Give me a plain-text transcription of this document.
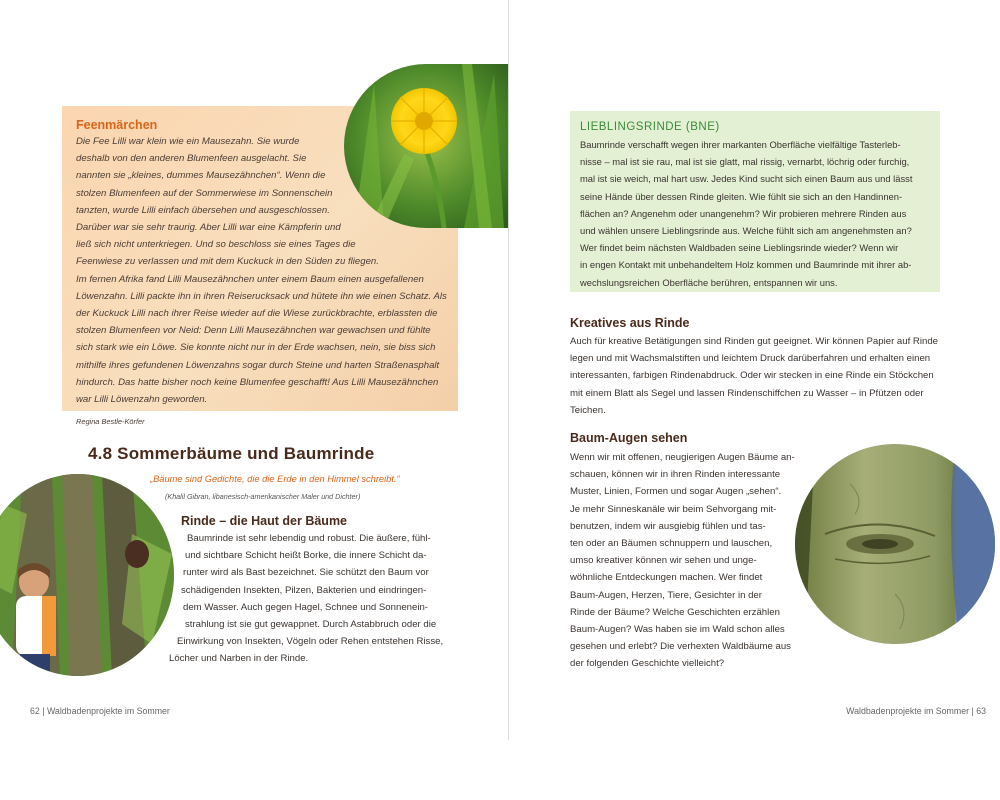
Feenmärchen
Die Fee Lilli war klein wie ein Mausezahn. Sie wurde
deshalb von den anderen Blumenfeen ausgelacht. Sie
nannten sie „kleines, dummes Mausezähnchen“. Wenn die
stolzen Blumenfeen auf der Sommerwiese im Sonnenschein
tanzten, wurde Lilli einfach übersehen und ausgeschlossen.
Darüber war sie sehr traurig. Aber Lilli war eine Kämpferin und
ließ sich nicht unterkriegen. Und so beschloss sie eines Tages die
Feenwiese zu verlassen und mit dem Kuckuck in den Süden zu fliegen.
Im fernen Afrika fand Lilli Mausezähnchen unter einem Baum einen ausgefallenen
Löwenzahn. Lilli packte ihn in ihren Reiserucksack und hütete ihn wie einen Schatz. Als
der Kuckuck Lilli nach ihrer Reise wieder auf die Wiese zurückbrachte, erblassten die
stolzen Blumenfeen vor Neid: Denn Lilli Mausezähnchen war gewachsen und fühlte
sich stark wie ein Löwe. Sie konnte nicht nur in der Erde wachsen, nein, sie biss sich
mithilfe ihres gefundenen Löwenzahns sogar durch Steine und harten Straßenasphalt
hindurch. Das hatte bisher noch keine Blumenfee geschafft! Aus Lilli Mausezähnchen
war Lilli Löwenzahn geworden.
Regina Bestle-Körfer
4.8 Sommerbäume und Baumrinde
„Bäume sind Gedichte, die die Erde in den Himmel schreibt.“
(Khalil Gibran, libanesisch-amerikanischer Maler und Dichter)
Rinde – die Haut der Bäume
Baumrinde ist sehr lebendig und robust. Die äußere, fühl-
und sichtbare Schicht heißt Borke, die innere Schicht da-
runter wird als Bast bezeichnet. Sie schützt den Baum vor
schädigenden Insekten, Pilzen, Bakterien und eindringen-
dem Wasser. Auch gegen Hagel, Schnee und Sonnenein-
strahlung ist sie gut gewappnet. Durch Astabbruch oder die
Einwirkung von Insekten, Vögeln oder Rehen entstehen Risse,
Löcher und Narben in der Rinde.
62 | Waldbadenprojekte im Sommer	Waldbadenprojekte im Sommer | 63
LIEBLINGSRINDE (BNE)
Baumrinde verschafft wegen ihrer markanten Oberfläche vielfältige Tasterleb-
nisse – mal ist sie rau, mal ist sie glatt, mal rissig, vernarbt, löchrig oder furchig,
mal ist sie weich, mal hart usw. Jedes Kind sucht sich einen Baum aus und lässt
seine Hände über dessen Rinde gleiten. Wie fühlt sie sich an den Handinnen-
flächen an? Angenehm oder unangenehm? Wir probieren mehrere Rinden aus
und wählen unsere Lieblingsrinde aus. Welche fühlt sich am angenehmsten an?
Wer findet beim nächsten Waldbaden seine Lieblingsrinde wieder? Wenn wir
in engen Kontakt mit unbehandeltem Holz kommen und Baumrinde mit ihrer ab-
wechslungsreichen Oberfläche berühren, entspannen wir uns.
Kreatives aus Rinde
Auch für kreative Betätigungen sind Rinden gut geeignet. Wir können Papier auf Rinde
legen und mit Wachsmalstiften und leichtem Druck darüberfahren und erhalten einen
interessanten, farbigen Rindenabdruck. Oder wir stecken in eine Rinde ein Stöckchen
mit einem Blatt als Segel und lassen Rindenschiffchen zu Wasser – in Pfützen oder
Teichen.
Baum-Augen sehen
Wenn wir mit offenen, neugierigen Augen Bäume an-
schauen, können wir in ihren Rinden interessante
Muster, Linien, Formen und sogar Augen „sehen“.
Je mehr Sinneskanäle wir beim Sehvorgang mit-
benutzen, indem wir ausgiebig fühlen und tas-
ten oder an Bäumen schnuppern und lauschen,
umso kreativer können wir sehen und unge-
wöhnliche Entdeckungen machen. Wer findet
Baum-Augen, Herzen, Tiere, Gesichter in der
Rinde der Bäume? Welche Geschichten erzählen
Baum-Augen? Was haben sie im Wald schon alles
gesehen und erlebt? Die verhexten Waldbäume aus
der folgenden Geschichte vielleicht?
